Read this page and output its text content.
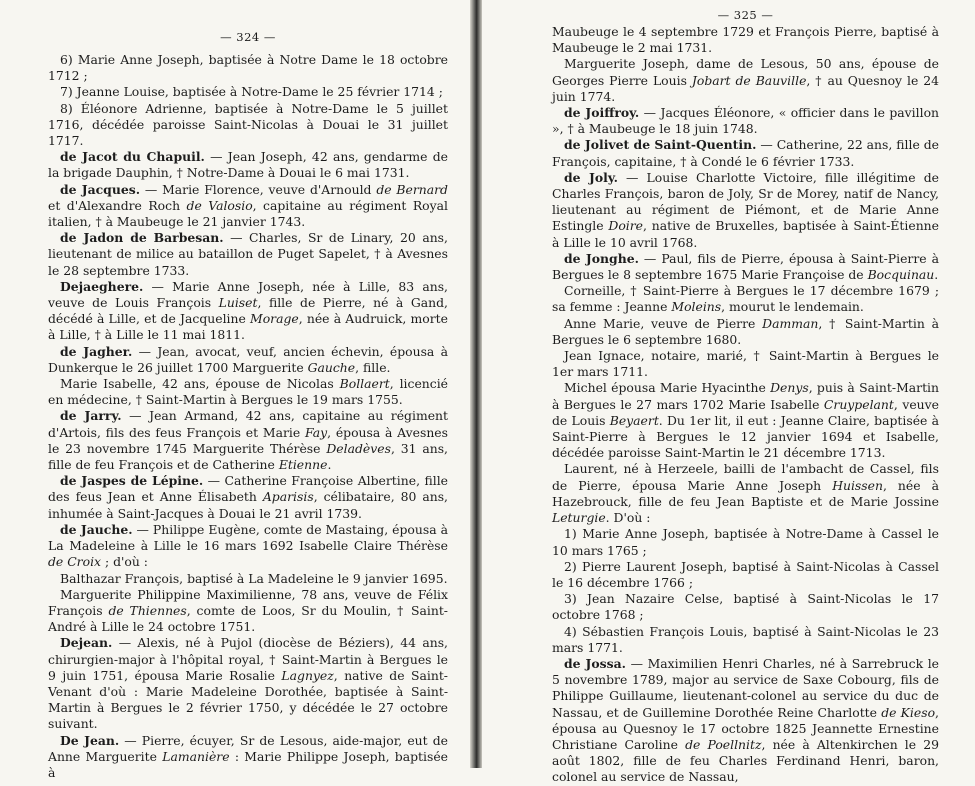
— 324 —

6) Marie Anne Joseph, baptisée à Notre Dame le 18 octobre 1712 ;

7) Jeanne Louise, baptisée à Notre-Dame le 25 février 1714 ;

8) Éléonore Adrienne, baptisée à Notre-Dame le 5 juillet 1716, décédée paroisse Saint-Nicolas à Douai le 31 juillet 1717.

de Jacot du Chapuil. — Jean Joseph, 42 ans, gendarme de la brigade Dauphin, † Notre-Dame à Douai le 6 mai 1731.

de Jacques. — Marie Florence, veuve d'Arnould de Bernard et d'Alexandre Roch de Valosio, capitaine au régiment Royal italien, † à Maubeuge le 21 janvier 1743.

de Jadon de Barbesan. — Charles, Sr de Linary, 20 ans, lieutenant de milice au bataillon de Puget Sapelet, † à Avesnes le 28 septembre 1733.

Dejaeghere. — Marie Anne Joseph, née à Lille, 83 ans, veuve de Louis François Luiset, fille de Pierre, né à Gand, décédé à Lille, et de Jacqueline Morage, née à Audruick, morte à Lille, † à Lille le 11 mai 1811.

de Jagher. — Jean, avocat, veuf, ancien échevin, épousa à Dunkerque le 26 juillet 1700 Marguerite Gauche, fille.

Marie Isabelle, 42 ans, épouse de Nicolas Bollaert, licencié en médecine, † Saint-Martin à Bergues le 19 mars 1755.

de Jarry. — Jean Armand, 42 ans, capitaine au régiment d'Artois, fils des feus François et Marie Fay, épousa à Avesnes le 23 novembre 1745 Marguerite Thérèse Deladèves, 31 ans, fille de feu François et de Catherine Etienne.

de Jaspes de Lépine. — Catherine Françoise Albertine, fille des feus Jean et Anne Élisabeth Aparisis, célibataire, 80 ans, inhumée à Saint-Jacques à Douai le 21 avril 1739.

de Jauche. — Philippe Eugène, comte de Mastaing, épousa à La Madeleine à Lille le 16 mars 1692 Isabelle Claire Thérèse de Croix ; d'où :

Balthazar François, baptisé à La Madeleine le 9 janvier 1695.

Marguerite Philippine Maximilienne, 78 ans, veuve de Félix François de Thiennes, comte de Loos, Sr du Moulin, † Saint-André à Lille le 24 octobre 1751.

Dejean. — Alexis, né à Pujol (diocèse de Béziers), 44 ans, chirurgien-major à l'hôpital royal, † Saint-Martin à Bergues le 9 juin 1751, épousa Marie Rosalie Lagnyez, native de Saint-Venant d'où : Marie Madeleine Dorothée, baptisée à Saint-Martin à Bergues le 2 février 1750, y décédée le 27 octobre suivant.

De Jean. — Pierre, écuyer, Sr de Lesous, aide-major, eut de Anne Marguerite Lamanière : Marie Philippe Joseph, baptisée à

— 325 —

Maubeuge le 4 septembre 1729 et François Pierre, baptisé à Maubeuge le 2 mai 1731.

Marguerite Joseph, dame de Lesous, 50 ans, épouse de Georges Pierre Louis Jobart de Bauville, † au Quesnoy le 24 juin 1774.

de Joiffroy. — Jacques Éléonore, « officier dans le pavillon », † à Maubeuge le 18 juin 1748.

de Jolivet de Saint-Quentin. — Catherine, 22 ans, fille de François, capitaine, † à Condé le 6 février 1733.

de Joly. — Louise Charlotte Victoire, fille illégitime de Charles François, baron de Joly, Sr de Morey, natif de Nancy, lieutenant au régiment de Piémont, et de Marie Anne Estingle Doire, native de Bruxelles, baptisée à Saint-Étienne à Lille le 10 avril 1768.

de Jonghe. — Paul, fils de Pierre, épousa à Saint-Pierre à Bergues le 8 septembre 1675 Marie Françoise de Bocquinau.

Corneille, † Saint-Pierre à Bergues le 17 décembre 1679 ; sa femme : Jeanne Moleins, mourut le lendemain.

Anne Marie, veuve de Pierre Damman, † Saint-Martin à Bergues le 6 septembre 1680.

Jean Ignace, notaire, marié, † Saint-Martin à Bergues le 1er mars 1711.

Michel épousa Marie Hyacinthe Denys, puis à Saint-Martin à Bergues le 27 mars 1702 Marie Isabelle Cruypelant, veuve de Louis Beyaert. Du 1er lit, il eut : Jeanne Claire, baptisée à Saint-Pierre à Bergues le 12 janvier 1694 et Isabelle, décédée paroisse Saint-Martin le 21 décembre 1713.

Laurent, né à Herzeele, bailli de l'ambacht de Cassel, fils de Pierre, épousa Marie Anne Joseph Huissen, née à Hazebrouck, fille de feu Jean Baptiste et de Marie Jossine Leturgie. D'où :

1) Marie Anne Joseph, baptisée à Notre-Dame à Cassel le 10 mars 1765 ;

2) Pierre Laurent Joseph, baptisé à Saint-Nicolas à Cassel le 16 décembre 1766 ;

3) Jean Nazaire Celse, baptisé à Saint-Nicolas le 17 octobre 1768 ;

4) Sébastien François Louis, baptisé à Saint-Nicolas le 23 mars 1771.

de Jossa. — Maximilien Henri Charles, né à Sarrebruck le 5 novembre 1789, major au service de Saxe Cobourg, fils de Philippe Guillaume, lieutenant-colonel au service du duc de Nassau, et de Guillemine Dorothée Reine Charlotte de Kieso, épousa au Quesnoy le 17 octobre 1825 Jeannette Ernestine Christiane Caroline de Poellnitz, née à Altenkirchen le 29 août 1802, fille de feu Charles Ferdinand Henri, baron, colonel au service de Nassau,
